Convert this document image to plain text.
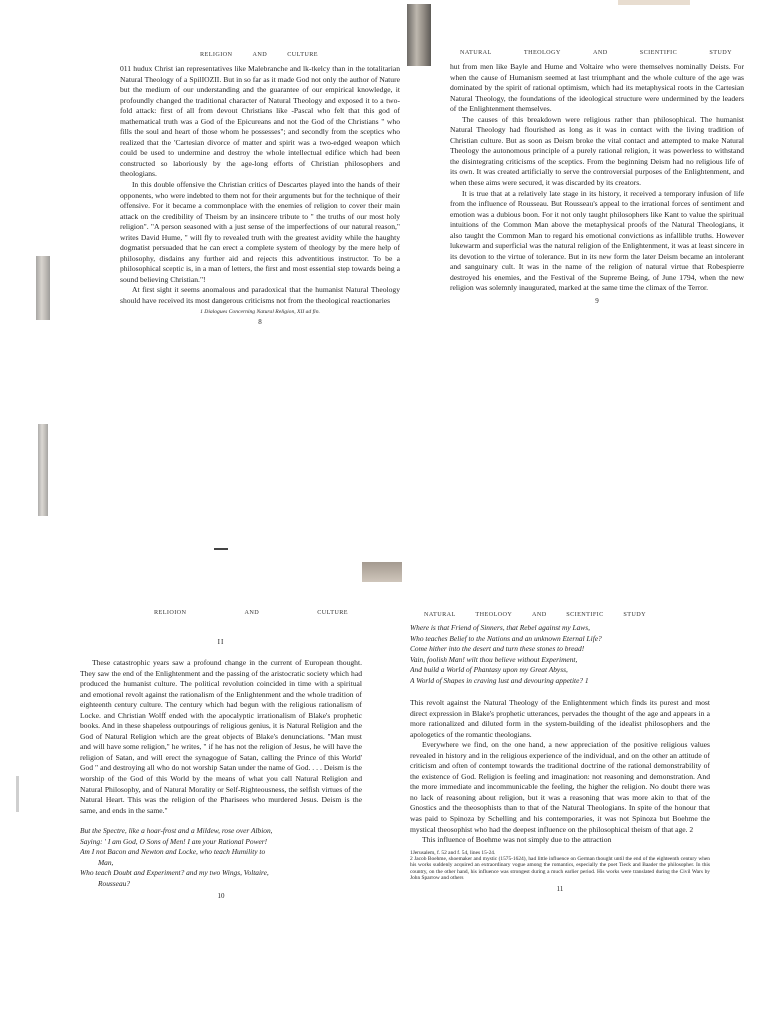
RELIGION	AND	CULTURE

011 hudux Christ ian representatives like Malebranche and lk-tkelcy than in the totalitarian Natural Theology of a SpilIOZII. But in so far as it made God not only the author of Nature but the medium of our understanding and the guarantee of our empirical knowledge, it profoundly changed the traditional character of Natural Theology and exposed it to a two-fold attack: first of all from devout Christians like -Pascal who felt that this god of mathematical truth was a God of the Epicureans and not the God of the Christians " who fills the soul and heart of those whom he possesses"; and secondly from the sceptics who realized that the 'Cartesian divorce of matter and spirit was a two-edged weapon which could be used to undermine and destroy the whole intellectual edifice which had been constructed so laboriously by the age-long efforts of Christian philosophers and theologians.

In this double offensive the Christian critics of Descartes played into the hands of their opponents, who were indebted to them not for their arguments but for the technique of their offensive. For it became a commonplace with the enemies of religion to cover their main attack on the credibility of Theism by an insincere tribute to " the truths of our most holy religion". "A person seasoned with a just sense of the imperfections of our natural reason," writes David Hume, " will fly to revealed truth with the greatest avidity while the haughty dogmatist persuaded that he can erect a complete system of theology by the mere help of philosophy, disdains any further aid and rejects this adventitious instructor. To be a philosophical sceptic is, in a man of letters, the first and most essential step towards being a sound believing Christian."!

At first sight it seems anomalous and paradoxical that the humanist Natural Theology should have received its most dangerous criticisms not from the theological reactionaries

1 Dialogues Concerning Natural Religion, XII ad fin.
8
NATURAL	THEOLOGY	AND	SCIENTIFIC	STUDY

hut from men like Bayle and Hume and Voltaire who were themselves nominally Deists. For when the cause of Humanism seemed at last triumphant and the whole culture of the age was dominated by the spirit of rational optimism, which had its metaphysical roots in the Cartesian Natural Theology, the foundations of the ideological structure were undermined by the leaders of the Enlightenment themselves.

The causes of this breakdown were religious rather than philosophical. The humanist Natural Theology had flourished as long as it was in contact with the living tradition of Christian culture. But as soon as Deism broke the vital contact and attempted to make Natural Theology the autonomous principle of a purely rational religion, it was powerless to withstand the disintegrating criticisms of the sceptics. From the beginning Deism had no religious life of its own. It was created artificially to serve the controversial purposes of the Enlightenment, and when these aims were secured, it was discarded by its creators.

It is true that at a relatively late stage in its history, it received a temporary infusion of life from the influence of Rousseau. But Rousseau's appeal to the irrational forces of sentiment and emotion was a dubious boon. For it not only taught philosophers like Kant to value the spiritual intuitions of the Common Man above the metaphysical proofs of the Natural Theologians, it also taught the Common Man to regard his emotional convictions as infallible truths. However lukewarm and superficial was the natural religion of the Enlightenment, it was at least sincere in its devotion to the virtue of tolerance. But in its new form the later Deism became an intolerant and sanguinary cult. It was in the name of the religion of natural virtue that Robespierre destroyed his enemies, and the Festival of the Supreme Being, of June 1794, when the new religion was solemnly inaugurated, marked at the same time the climax of the Terror.

9
RELIOION	AND	CULTURE
II

These catastrophic years saw a profound change in the current of European thought. They saw the end of the Enlightenment and the passing of the aristocratic society which had produced the humanist culture. The political revolution coincided in time with a spiritual and emotional revolt against the rationalism of the Enlightenment and the whole tradition of eighteenth century culture. The century which had begun with the religious rationalism of Locke. and Christian Wolff ended with the apocalyptic irrationalism of Blake's prophetic books. And in these shapeless outpourings of religious genius, it is Natural Religion and the God of Natural Religion which are the great objects of Blake's denunciations. "Man must and will have some religion," he writes, " if he has not the religion of Jesus, he will have the religion of Satan, and will erect the synagogue of Satan, calling the Prince of this World' God " and destroying all who do not worship Satan under the name of God. . . . Deism is the worship of the God of this World by the means of what you call Natural Religion and Natural Philosophy, and of Natural Morality or Self-Righteousness, the selfish virtues of the Natural Heart. This was the religion of the Pharisees who murdered Jesus. Deism is the same, and ends in the same."

But the Spectre, like a hoar-frost and a Mildew, rose over Albion,
Saying: ' I am God, O Sons of Men! I am your Rational Power!
Am I not Bacon and Newton and Locke, who teach Humility to
Man,
Who teach Doubt and Experiment? and my two Wings, Voltaire,
Rousseau?
10
NATURAL	THEOLOOY	AND	SCIENTIFIC	STUDY
Where is that Friend of Sinners, that Rebel against my Laws,
Who teaches Belief to the Nations and an unknown Eternal Life?
Come hither into the desert and turn these stones to bread!
Vain, foolish Man! wilt thou believe without Experiment,
And build a World of Phantasy upon my Great Abyss,
A World of Shapes in craving lust and devouring appetite? 1

This revolt against the Natural Theology of the Enlightenment which finds its purest and most direct expression in Blake's prophetic utterances, pervades the thought of the age and appears in a more rationalized and diluted form in the system-building of the idealist philosophers and the apologetics of the romantic theologians.

Everywhere we find, on the one hand, a new appreciation of the positive religious values revealed in history and in the religious experience of the individual, and on the other an attitude of criticism and often of contempt towards the traditional doctrine of the rational demonstrability of the existence of God. Religion is feeling and imagination: not reasoning and demonstration. And the more immediate and incommunicable the feeling, the higher the religion. No doubt there was no lack of reasoning about religion, but it was a reasoning that was more akin to that of the Gnostics and the theosophists than to that of the Natural Theologians. In spite of the honour that was paid to Spinoza by Schelling and his contemporaries, it was not Spinoza but Boehme the mystical theosophist who had the deepest influence on the philosophical theism of that age. 2

This influence of Boehme was not simply due to the attraction

1Jerusalem, f. 52 and f. 54, lines 15-24.

2 Jacob Boehme, shoemaker and mystic (1575-1624), had little influence on German thought until the end of the eighteenth century when his works suddenly acquired an extraordinary vogue among the romantics, especially the poet Tieck and Baader the philosopher. In this country, on the other hand, his influence was strongest during a much earlier period. His works were translated during the Civil Wars by John Sparrow and others

11
